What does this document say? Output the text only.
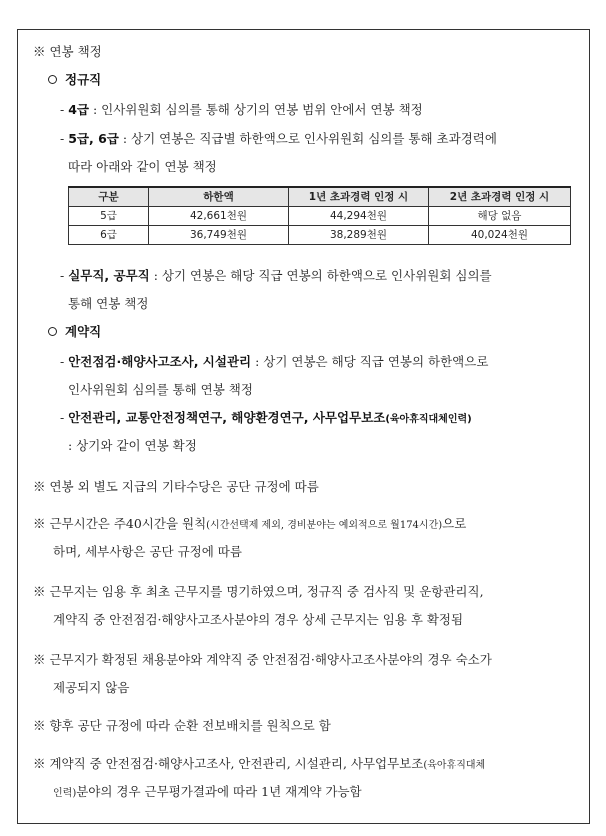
※ 연봉 책정
정규직
- 4급 : 인사위원회 심의를 통해 상기의 연봉 범위 안에서 연봉 책정
- 5급, 6급 : 상기 연봉은 직급별 하한액으로 인사위원회 심의를 통해 초과경력에
따라 아래와 같이 연봉 책정
구분	하한액	1년 초과경력 인정 시	2년 초과경력 인정 시
5급	42,661천원	44,294천원	해당 없음
6급	36,749천원	38,289천원	40,024천원
- 실무직, 공무직 : 상기 연봉은 해당 직급 연봉의 하한액으로 인사위원회 심의를
통해 연봉 책정
계약직
- 안전점검·해양사고조사, 시설관리 : 상기 연봉은 해당 직급 연봉의 하한액으로
인사위원회 심의를 통해 연봉 책정
- 안전관리, 교통안전정책연구, 해양환경연구, 사무업무보조(육아휴직대체인력)
: 상기와 같이 연봉 확정
※ 연봉 외 별도 지급의 기타수당은 공단 규정에 따름
※ 근무시간은 주40시간을 원칙(시간선택제 제외, 경비분야는 예외적으로 월174시간)으로
하며, 세부사항은 공단 규정에 따름
※ 근무지는 임용 후 최초 근무지를 명기하였으며, 정규직 중 검사직 및 운항관리직,
계약직 중 안전점검·해양사고조사분야의 경우 상세 근무지는 임용 후 확정됨
※ 근무지가 확정된 채용분야와 계약직 중 안전점검·해양사고조사분야의 경우 숙소가
제공되지 않음
※ 향후 공단 규정에 따라 순환 전보배치를 원칙으로 함
※ 계약직 중 안전점검·해양사고조사, 안전관리, 시설관리, 사무업무보조(육아휴직대체
인력)분야의 경우 근무평가결과에 따라 1년 재계약 가능함
